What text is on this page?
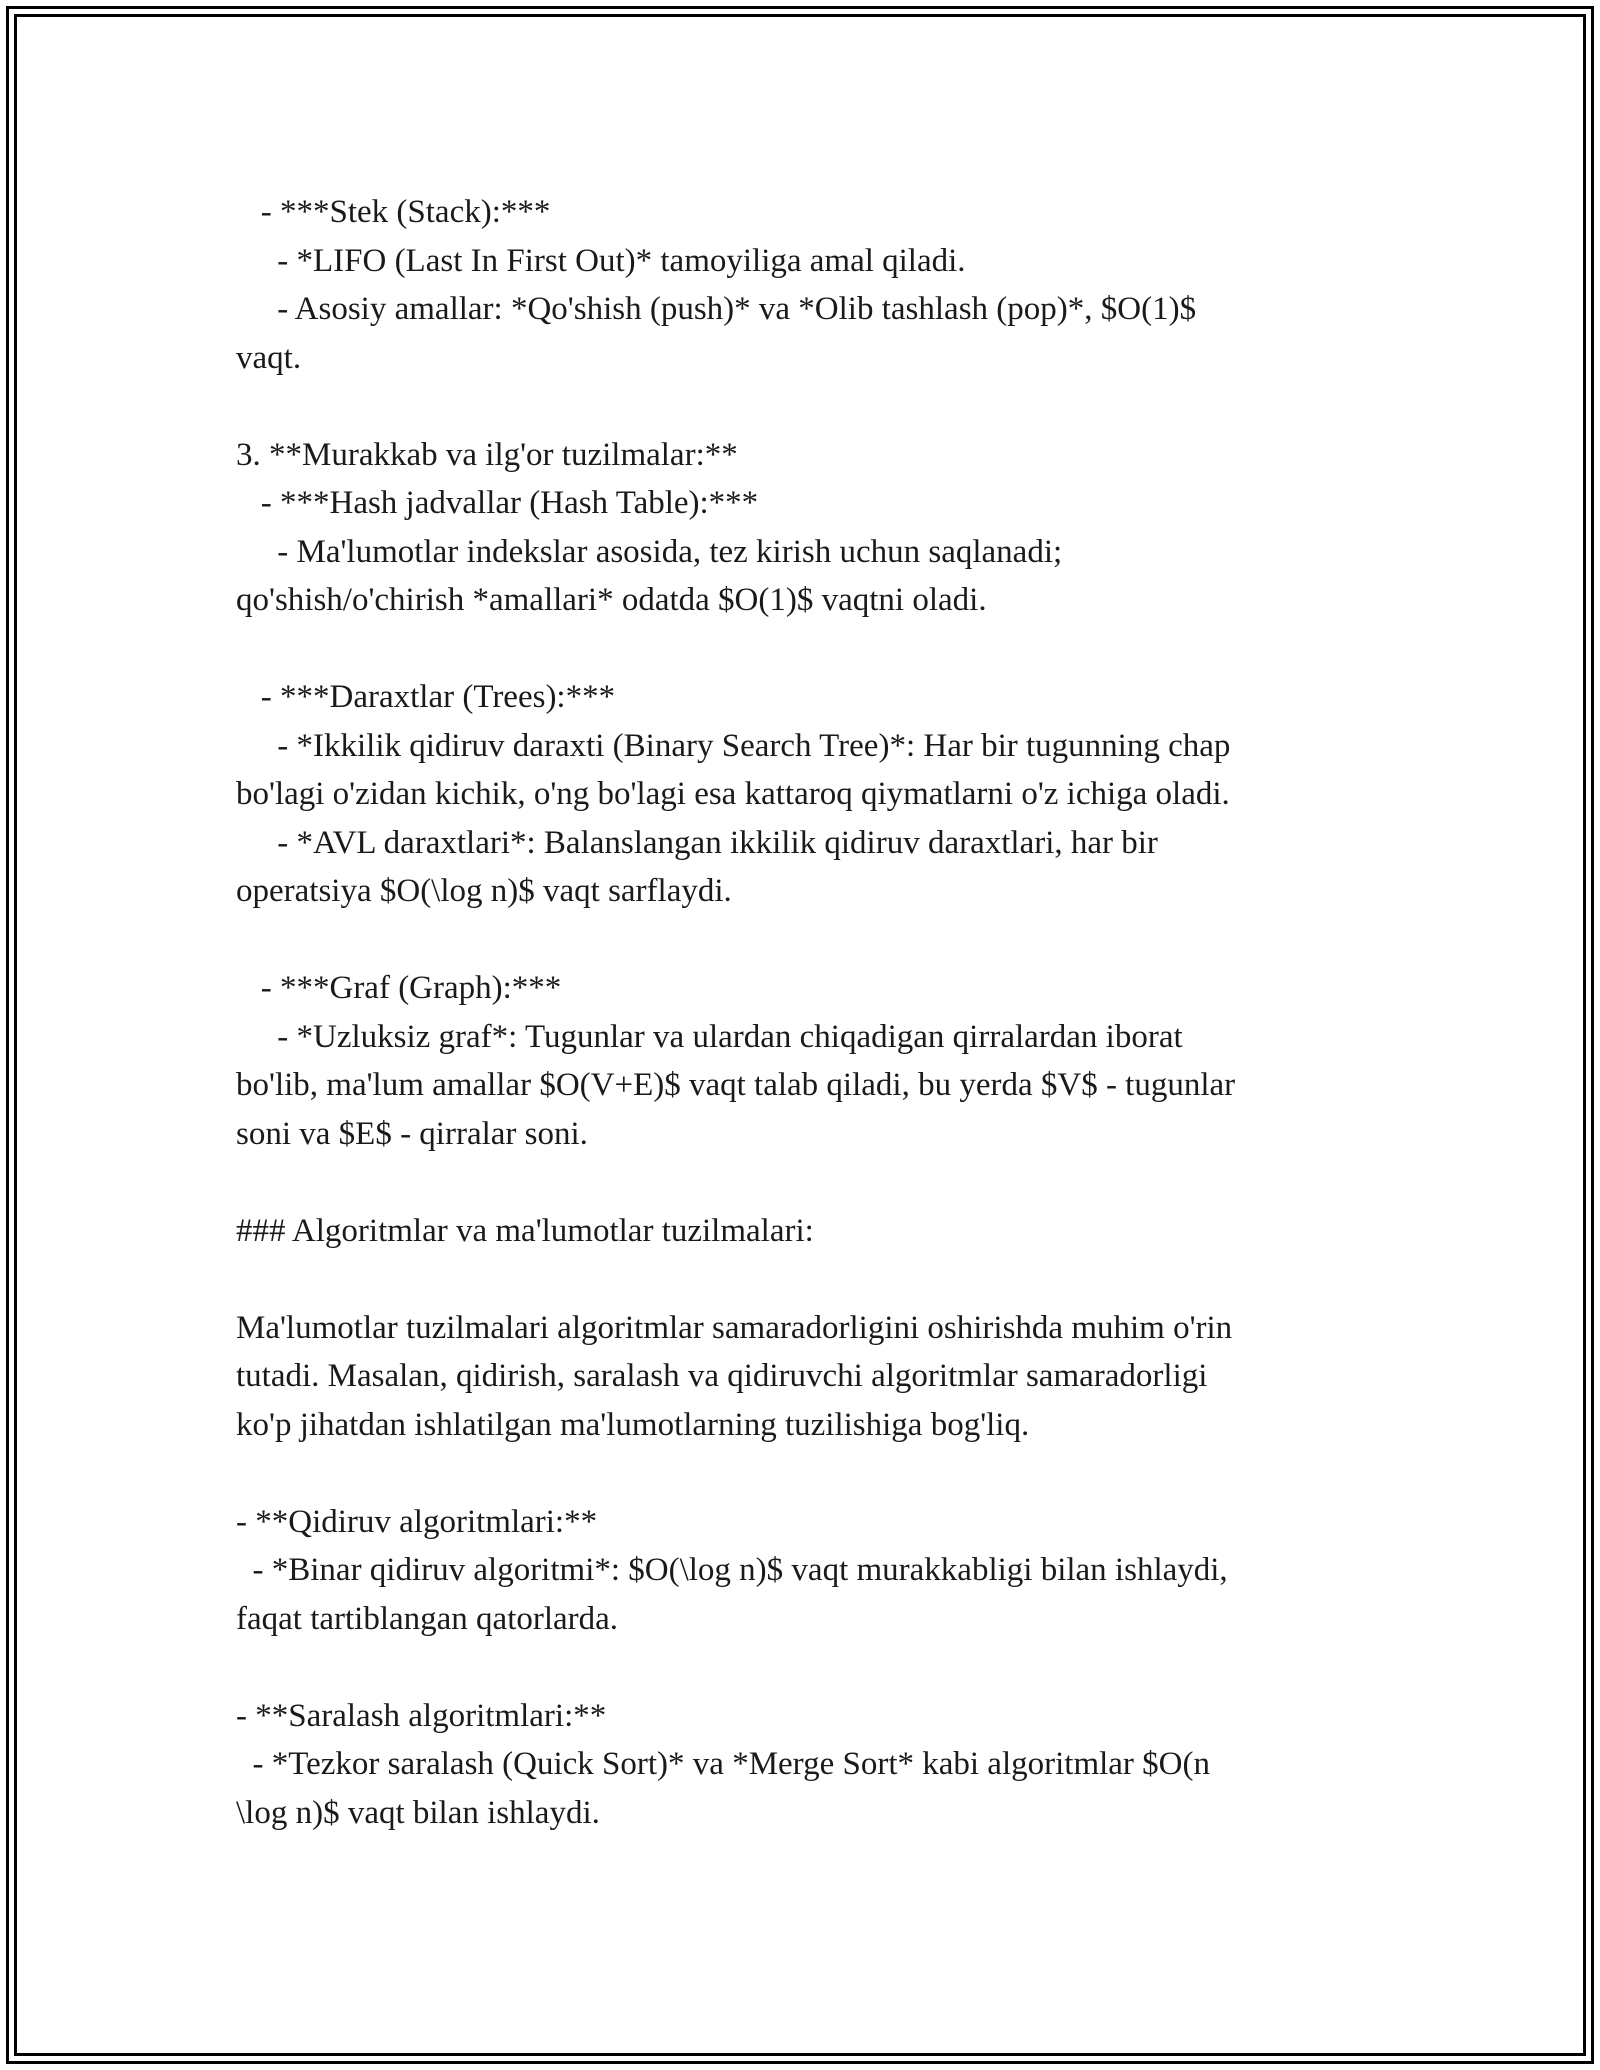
- ***Stek (Stack):***

- *LIFO (Last In First Out)* tamoyiliga amal qiladi.

- Asosiy amallar: *Qo'shish (push)* va *Olib tashlash (pop)*, $O(1)$

vaqt.

3. **Murakkab va ilg'or tuzilmalar:**

- ***Hash jadvallar (Hash Table):***

- Ma'lumotlar indekslar asosida, tez kirish uchun saqlanadi;

qo'shish/o'chirish *amallari* odatda $O(1)$ vaqtni oladi.

- ***Daraxtlar (Trees):***

- *Ikkilik qidiruv daraxti (Binary Search Tree)*: Har bir tugunning chap

bo'lagi o'zidan kichik, o'ng bo'lagi esa kattaroq qiymatlarni o'z ichiga oladi.

- *AVL daraxtlari*: Balanslangan ikkilik qidiruv daraxtlari, har bir

operatsiya $O(\log n)$ vaqt sarflaydi.

- ***Graf (Graph):***

- *Uzluksiz graf*: Tugunlar va ulardan chiqadigan qirralardan iborat

bo'lib, ma'lum amallar $O(V+E)$ vaqt talab qiladi, bu yerda $V$ - tugunlar

soni va $E$ - qirralar soni.

### Algoritmlar va ma'lumotlar tuzilmalari:

Ma'lumotlar tuzilmalari algoritmlar samaradorligini oshirishda muhim o'rin

tutadi. Masalan, qidirish, saralash va qidiruvchi algoritmlar samaradorligi

ko'p jihatdan ishlatilgan ma'lumotlarning tuzilishiga bog'liq.

- **Qidiruv algoritmlari:**

- *Binar qidiruv algoritmi*: $O(\log n)$ vaqt murakkabligi bilan ishlaydi,

faqat tartiblangan qatorlarda.

- **Saralash algoritmlari:**

- *Tezkor saralash (Quick Sort)* va *Merge Sort* kabi algoritmlar $O(n

\log n)$ vaqt bilan ishlaydi.
